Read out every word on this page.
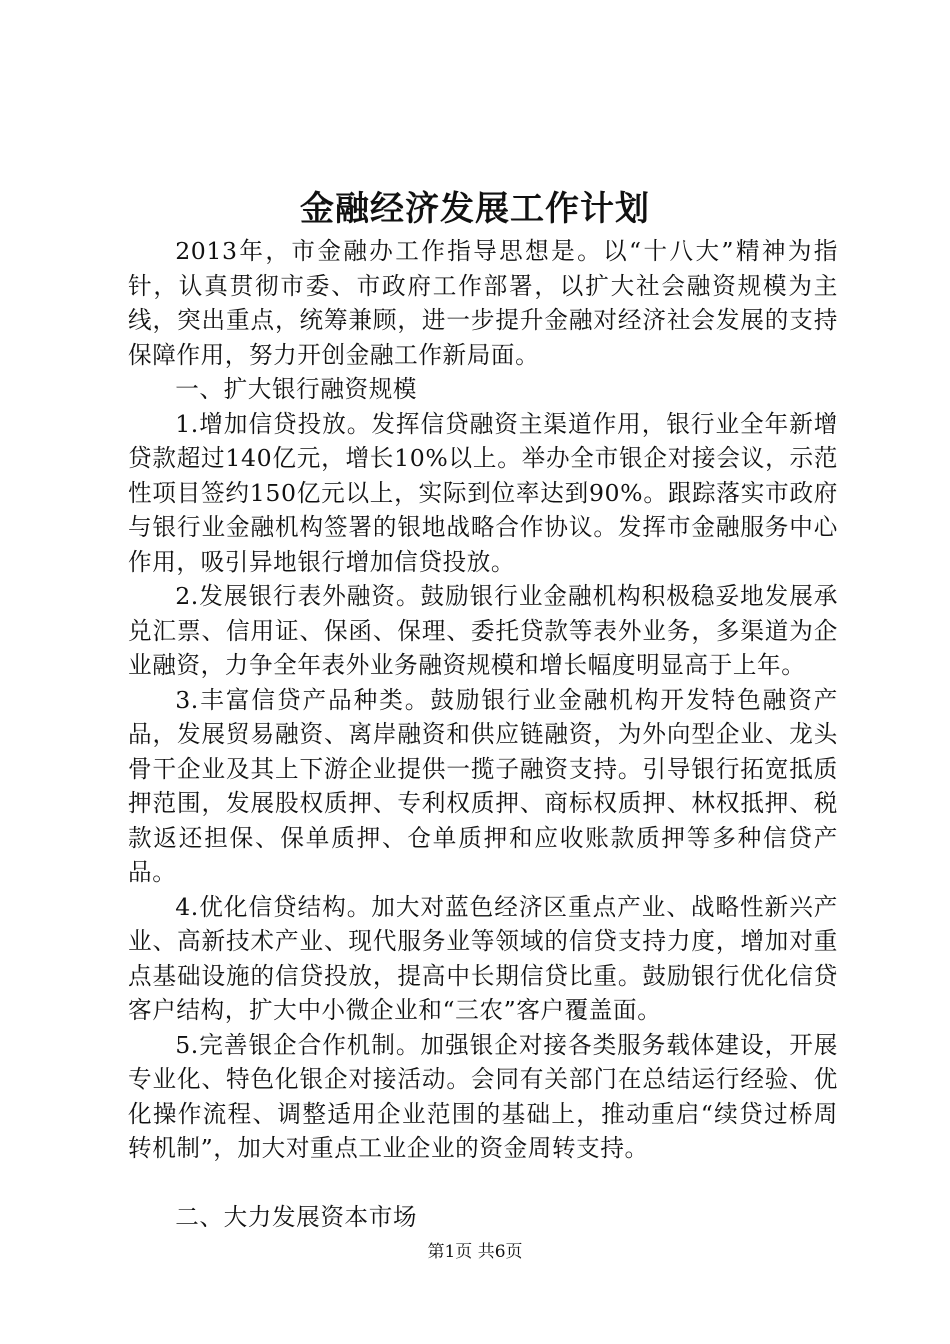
金融经济发展工作计划

2013年，市金融办工作指导思想是。以“十八大”精神为指针，认真贯彻市委、市政府工作部署，以扩大社会融资规模为主线，突出重点，统筹兼顾，进一步提升金融对经济社会发展的支持保障作用，努力开创金融工作新局面。

一、扩大银行融资规模

1.增加信贷投放。发挥信贷融资主渠道作用，银行业全年新增贷款超过140亿元，增长10%以上。举办全市银企对接会议，示范性项目签约150亿元以上，实际到位率达到90%。跟踪落实市政府与银行业金融机构签署的银地战略合作协议。发挥市金融服务中心作用，吸引异地银行增加信贷投放。

2.发展银行表外融资。鼓励银行业金融机构积极稳妥地发展承兑汇票、信用证、保函、保理、委托贷款等表外业务，多渠道为企业融资，力争全年表外业务融资规模和增长幅度明显高于上年。

3.丰富信贷产品种类。鼓励银行业金融机构开发特色融资产品，发展贸易融资、离岸融资和供应链融资，为外向型企业、龙头骨干企业及其上下游企业提供一揽子融资支持。引导银行拓宽抵质押范围，发展股权质押、专利权质押、商标权质押、林权抵押、税款返还担保、保单质押、仓单质押和应收账款质押等多种信贷产品。

4.优化信贷结构。加大对蓝色经济区重点产业、战略性新兴产业、高新技术产业、现代服务业等领域的信贷支持力度，增加对重点基础设施的信贷投放，提高中长期信贷比重。鼓励银行优化信贷客户结构，扩大中小微企业和“三农”客户覆盖面。

5.完善银企合作机制。加强银企对接各类服务载体建设，开展专业化、特色化银企对接活动。会同有关部门在总结运行经验、优化操作流程、调整适用企业范围的基础上，推动重启“续贷过桥周转机制”，加大对重点工业企业的资金周转支持。

二、大力发展资本市场

第1页 共6页
